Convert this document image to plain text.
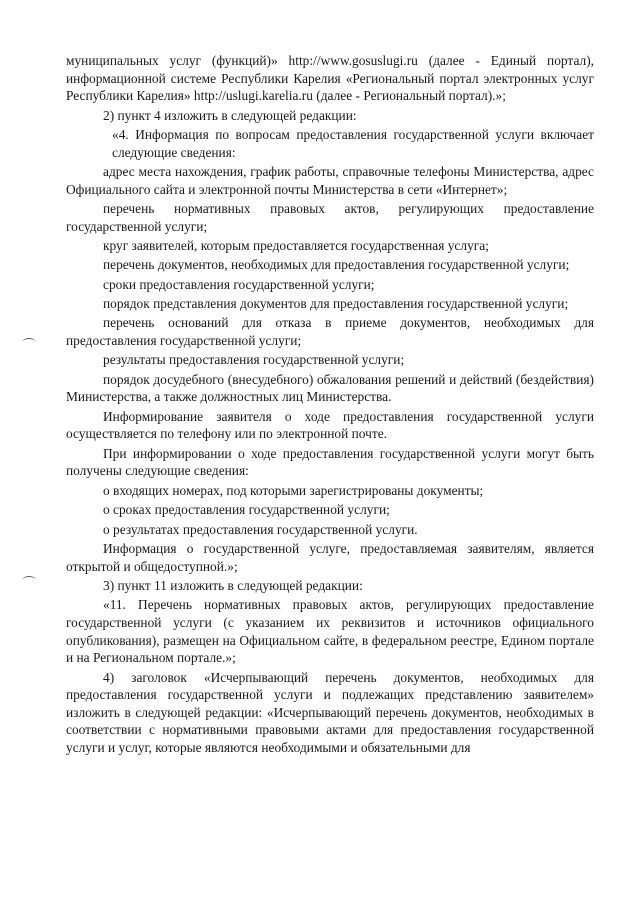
муниципальных услуг (функций)» http://www.gosuslugi.ru (далее - Единый портал), информационной системе Республики Карелия «Региональный портал электронных услуг Республики Карелия» http://uslugi.karelia.ru (далее - Региональный портал).»;

2) пункт 4 изложить в следующей редакции:

«4. Информация по вопросам предоставления государственной услуги включает следующие сведения:

адрес места нахождения, график работы, справочные телефоны Министерства, адрес Официального сайта и электронной почты Министерства в сети «Интернет»;

перечень нормативных правовых актов, регулирующих предоставление государственной услуги;

круг заявителей, которым предоставляется государственная услуга;

перечень документов, необходимых для предоставления государственной услуги;

сроки предоставления государственной услуги;

порядок представления документов для предоставления государственной услуги;

перечень оснований для отказа в приеме документов, необходимых для предоставления государственной услуги;

результаты предоставления государственной услуги;

порядок досудебного (внесудебного) обжалования решений и действий (бездействия) Министерства, а также должностных лиц Министерства.

Информирование заявителя о ходе предоставления государственной услуги осуществляется по телефону или по электронной почте.

При информировании о ходе предоставления государственной услуги могут быть получены следующие сведения:

о входящих номерах, под которыми зарегистрированы документы;

о сроках предоставления государственной услуги;

о результатах предоставления государственной услуги.

Информация о государственной услуге, предоставляемая заявителям, является открытой и общедоступной.»;

3) пункт 11 изложить в следующей редакции:

«11. Перечень нормативных правовых актов, регулирующих предоставление государственной услуги (с указанием их реквизитов и источников официального опубликования), размещен на Официальном сайте, в федеральном реестре, Едином портале и на Региональном портале.»;

4) заголовок «Исчерпывающий перечень документов, необходимых для предоставления государственной услуги и подлежащих представлению заявителем» изложить в следующей редакции: «Исчерпывающий перечень документов, необходимых в соответствии с нормативными правовыми актами для предоставления государственной услуги и услуг, которые являются необходимыми и обязательными для
